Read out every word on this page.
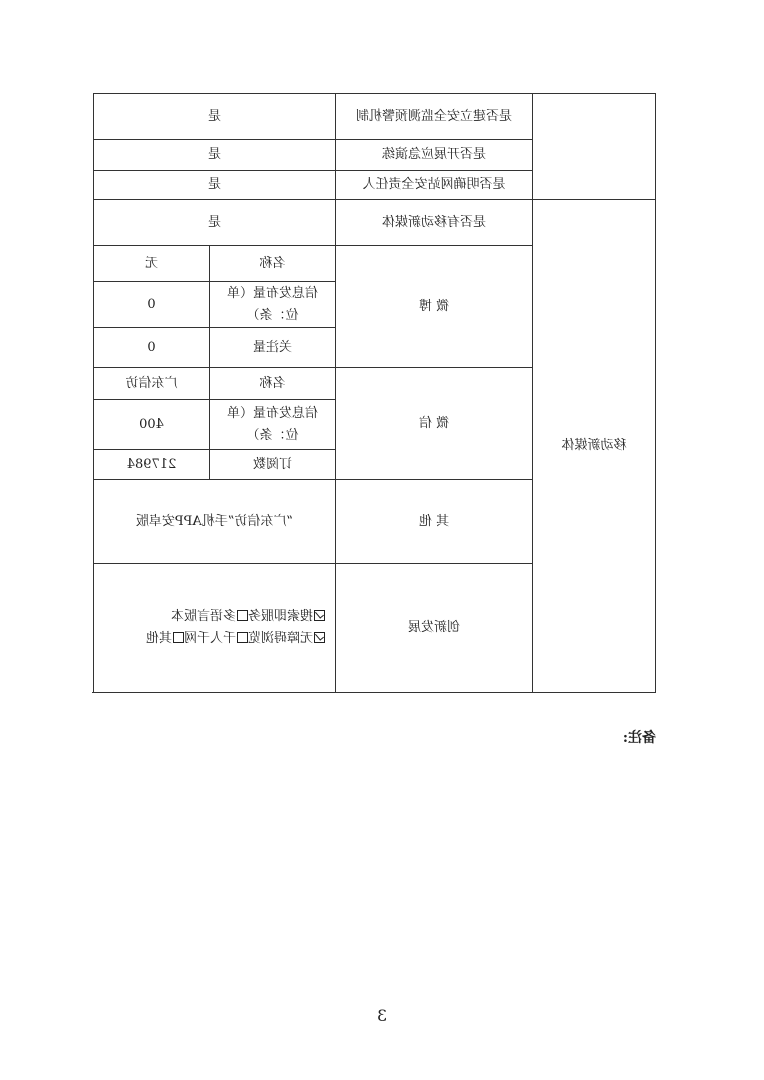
	是否建立安全监测预警机制	是	
	是否开展应急演练	是	
	是否明确网站安全责任人	是	
移动新媒体	是否有移动新媒体	是	
	微 博	名称	无
		信息发布量（单位：条）	0
		关注量	0
	微 信	名称	广东信访
		信息发布量（单位：条）	400
		订阅数	217984
	其 他	“广东信访”手机APP安卓版	
	创新发展	搜索即服务多语言版本无障碍浏览千人千网其他	
备注:
3
